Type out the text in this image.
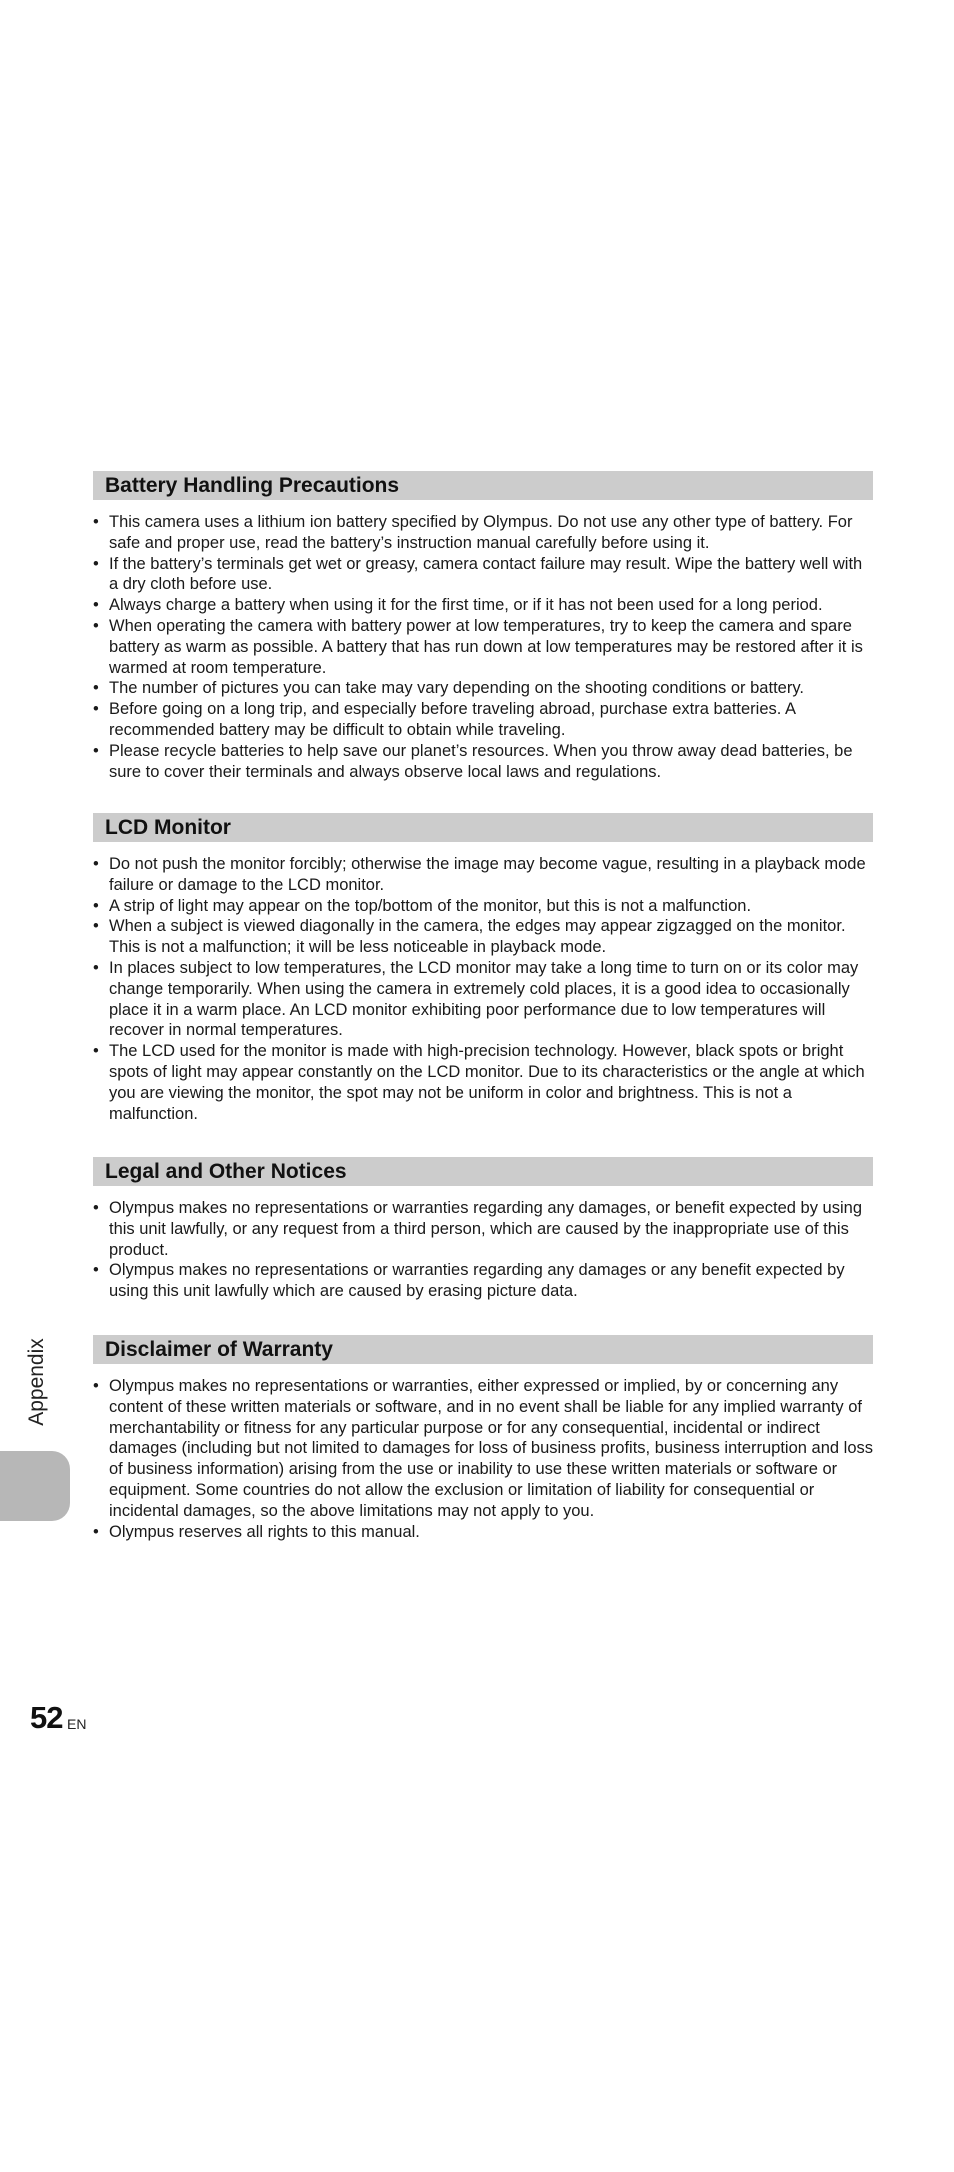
Battery Handling Precautions
• This camera uses a lithium ion battery specified by Olympus. Do not use any other type of battery. For safe and proper use, read the battery’s instruction manual carefully before using it.
• If the battery’s terminals get wet or greasy, camera contact failure may result. Wipe the battery well with a dry cloth before use.
• Always charge a battery when using it for the first time, or if it has not been used for a long period.
• When operating the camera with battery power at low temperatures, try to keep the camera and spare battery as warm as possible. A battery that has run down at low temperatures may be restored after it is warmed at room temperature.
• The number of pictures you can take may vary depending on the shooting conditions or battery.
• Before going on a long trip, and especially before traveling abroad, purchase extra batteries. A recommended battery may be difficult to obtain while traveling.
• Please recycle batteries to help save our planet’s resources. When you throw away dead batteries, be sure to cover their terminals and always observe local laws and regulations.
LCD Monitor
• Do not push the monitor forcibly; otherwise the image may become vague, resulting in a playback mode failure or damage to the LCD monitor.
• A strip of light may appear on the top/bottom of the monitor, but this is not a malfunction.
• When a subject is viewed diagonally in the camera, the edges may appear zigzagged on the monitor. This is not a malfunction; it will be less noticeable in playback mode.
• In places subject to low temperatures, the LCD monitor may take a long time to turn on or its color may change temporarily. When using the camera in extremely cold places, it is a good idea to occasionally place it in a warm place. An LCD monitor exhibiting poor performance due to low temperatures will recover in normal temperatures.
• The LCD used for the monitor is made with high-precision technology. However, black spots or bright spots of light may appear constantly on the LCD monitor. Due to its characteristics or the angle at which you are viewing the monitor, the spot may not be uniform in color and brightness. This is not a malfunction.
Legal and Other Notices
• Olympus makes no representations or warranties regarding any damages, or benefit expected by using this unit lawfully, or any request from a third person, which are caused by the inappropriate use of this product.
• Olympus makes no representations or warranties regarding any damages or any benefit expected by using this unit lawfully which are caused by erasing picture data.
Disclaimer of Warranty
• Olympus makes no representations or warranties, either expressed or implied, by or concerning any content of these written materials or software, and in no event shall be liable for any implied warranty of merchantability or fitness for any particular purpose or for any consequential, incidental or indirect damages (including but not limited to damages for loss of business profits, business interruption and loss of business information) arising from the use or inability to use these written materials or software or equipment. Some countries do not allow the exclusion or limitation of liability for consequential or incidental damages, so the above limitations may not apply to you.
• Olympus reserves all rights to this manual.
Appendix
52 EN
